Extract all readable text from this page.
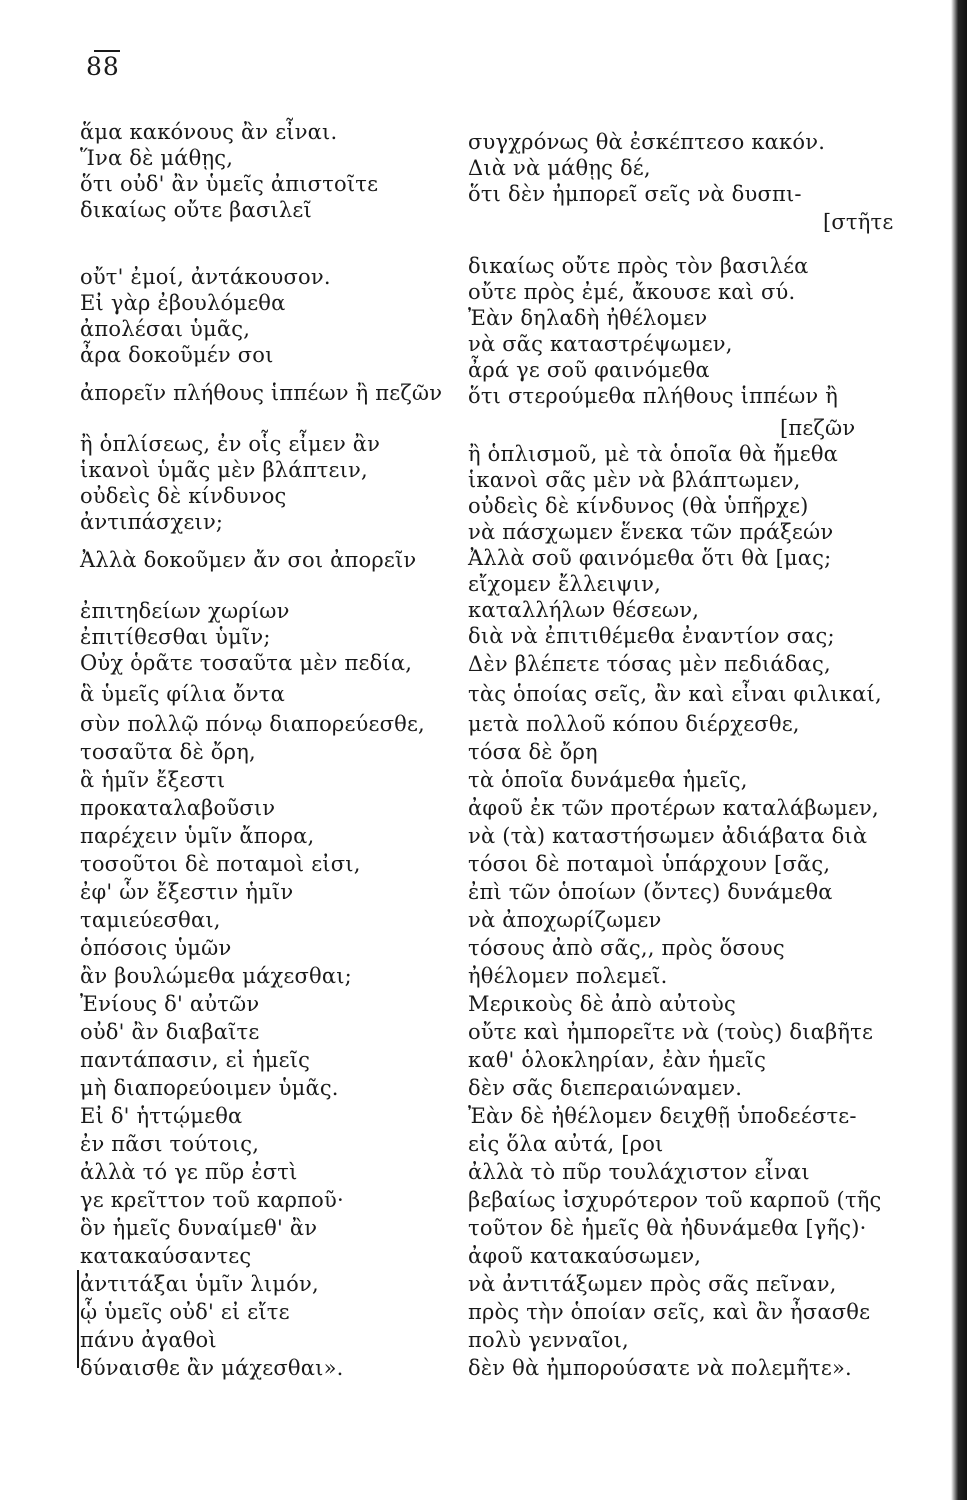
88
ἅμα κακόνους ἂν εἶναι.
Ἵνα δὲ μάθῃς,
ὅτι οὐδ' ἂν ὑμεῖς ἀπιστοῖτε
δικαίως οὔτε βασιλεῖ
οὔτ' ἐμοί, ἀντάκουσον.
Εἰ γὰρ ἐβουλόμεθα
ἀπολέσαι ὑμᾶς,
ἆρα δοκοῦμέν σοι
ἀπορεῖν πλήθους ἱππέων ἢ πεζῶν
ἢ ὁπλίσεως, ἐν οἷς εἶμεν ἂν
ἱκανοὶ ὑμᾶς μὲν βλάπτειν,
οὐδεὶς δὲ κίνδυνος
ἀντιπάσχειν;
Ἀλλὰ δοκοῦμεν ἄν σοι ἀπορεῖν
ἐπιτηδείων χωρίων
ἐπιτίθεσθαι ὑμῖν;
Οὐχ ὁρᾶτε τοσαῦτα μὲν πεδία,
ἃ ὑμεῖς φίλια ὄντα
σὺν πολλῷ πόνῳ διαπορεύεσθε,
τοσαῦτα δὲ ὄρη,
ἃ ἡμῖν ἔξεστι
προκαταλαβοῦσιν
παρέχειν ὑμῖν ἄπορα,
τοσοῦτοι δὲ ποταμοὶ εἰσι,
ἐφ' ὧν ἔξεστιν ἡμῖν
ταμιεύεσθαι,
ὁπόσοις ὑμῶν
ἂν βουλώμεθα μάχεσθαι;
Ἐνίους δ' αὐτῶν
οὐδ' ἂν διαβαῖτε
παντάπασιν, εἰ ἡμεῖς
μὴ διαπορεύοιμεν ὑμᾶς.
Εἰ δ' ἡττῴμεθα
ἐν πᾶσι τούτοις,
ἀλλὰ τό γε πῦρ ἐστὶ
γε κρεῖττον τοῦ καρποῦ·
ὃν ἡμεῖς δυναίμεθ' ἂν
κατακαύσαντες
ἀντιτάξαι ὑμῖν λιμόν,
ᾧ ὑμεῖς οὐδ' εἰ εἴτε
πάνυ ἀγαθοὶ
δύναισθε ἂν μάχεσθαι».
συγχρόνως θὰ ἐσκέπτεσο κακόν.
Διὰ νὰ μάθῃς δέ,
ὅτι δὲν ἠμπορεῖ σεῖς νὰ δυσπι-
[στῆτε
δικαίως οὔτε πρὸς τὸν βασιλέα
οὔτε πρὸς ἐμέ, ἄκουσε καὶ σύ.
Ἐὰν δηλαδὴ ἠθέλομεν
νὰ σᾶς καταστρέψωμεν,
ἆρά γε σοῦ φαινόμεθα
ὅτι στερούμεθα πλήθους ἱππέων ἢ
[πεζῶν
ἢ ὁπλισμοῦ, μὲ τὰ ὁποῖα θὰ ἤμεθα
ἱκανοὶ σᾶς μὲν νὰ βλάπτωμεν,
οὐδεὶς δὲ κίνδυνος (θὰ ὑπῆρχε)
νὰ πάσχωμεν ἕνεκα τῶν πράξεών
Ἀλλὰ σοῦ φαινόμεθα ὅτι θὰ [μας;
εἴχομεν ἔλλειψιν,
καταλλήλων θέσεων,
διὰ νὰ ἐπιτιθέμεθα ἐναντίον σας;
Δὲν βλέπετε τόσας μὲν πεδιάδας,
τὰς ὁποίας σεῖς, ἂν καὶ εἶναι φιλικαί,
μετὰ πολλοῦ κόπου διέρχεσθε,
τόσα δὲ ὄρη
τὰ ὁποῖα δυνάμεθα ἡμεῖς,
ἀφοῦ ἐκ τῶν προτέρων καταλάβωμεν,
νὰ (τὰ) καταστήσωμεν ἀδιάβατα διὰ
τόσοι δὲ ποταμοὶ ὑπάρχουν [σᾶς,
ἐπὶ τῶν ὁποίων (ὄντες) δυνάμεθα
νὰ ἀποχωρίζωμεν
τόσους ἀπὸ σᾶς,, πρὸς ὅσους
ἠθέλομεν πολεμεῖ.
Μερικοὺς δὲ ἀπὸ αὐτοὺς
οὔτε καὶ ἠμπορεῖτε νὰ (τοὺς) διαβῆτε
καθ' ὁλοκληρίαν, ἐὰν ἡμεῖς
δὲν σᾶς διεπεραιώναμεν.
Ἐὰν δὲ ἠθέλομεν δειχθῇ ὑποδεέστε-
εἰς ὅλα αὐτά, [ροι
ἀλλὰ τὸ πῦρ τουλάχιστον εἶναι
βεβαίως ἰσχυρότερον τοῦ καρποῦ (τῆς
τοῦτον δὲ ἡμεῖς θὰ ἠδυνάμεθα [γῆς)·
ἀφοῦ κατακαύσωμεν,
νὰ ἀντιτάξωμεν πρὸς σᾶς πεῖναν,
πρὸς τὴν ὁποίαν σεῖς, καὶ ἂν ἦσασθε
πολὺ γενναῖοι,
δὲν θὰ ἠμπορούσατε νὰ πολεμῆτε».
